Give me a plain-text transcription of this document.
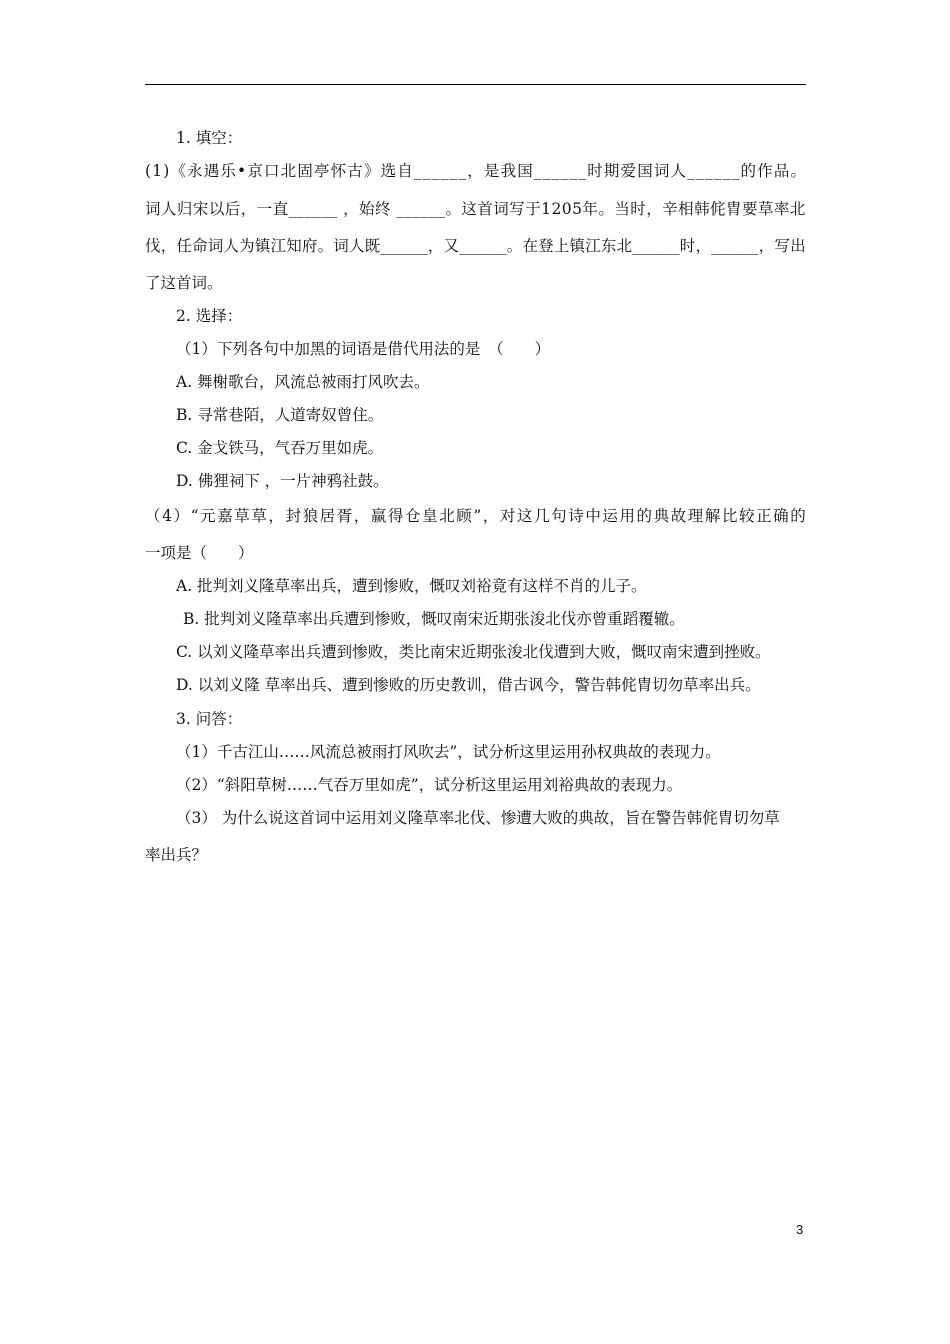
1. 填空：
( 1 ) 《 永 遇 乐 • 京 口 北 固 亭 怀 古 》 选 自 _ _ _ _ _ _ ， 是 我 国 _ _ _ _ _ _ 时 期 爱 国 词 人 _ _ _ _ _ _ 的 作 品 。
词 人 归 宋 以 后 ， 一 直 _ _ _ _ _ _
， 始 终
_ _ _ _ _ _ 。 这 首 词 写 于 1 2 0 5 年 。 当 时 ， 辛 相 韩 侂 胄 要 草 率 北
伐 ， 任 命 词 人 为 镇 江 知 府 。 词 人 既 _ _ _ _ _ _ ， 又 _ _ _ _ _ _ 。 在 登 上 镇 江 东 北 _ _ _ _ _ _ 时 ， _ _ _ _ _ _ ， 写 出
了这首词。
2. 选择：
（1）下列各句中加黑的词语是借代用法的是　（　　）
A. 舞榭歌台，风流总被雨打风吹去。
B. 寻常巷陌，人道寄奴曾住。
C. 金戈铁马，气吞万里如虎。
D. 佛狸祠下 ，一片神鸦社鼓。
（ 4 ） “ 元 嘉 草 草 ， 封 狼 居 胥 ， 赢 得 仓 皇 北 顾 ” ， 对 这 几 句 诗 中 运 用 的 典 故 理 解 比 较 正 确 的
一项是（　　）
A. 批判刘义隆草率出兵，遭到惨败，慨叹刘裕竟有这样不肖的儿子。
B. 批判刘义隆草率出兵遭到惨败，慨叹南宋近期张浚北伐亦曾重蹈覆辙。
C. 以刘义隆草率出兵遭到惨败，类比南宋近期张浚北伐遭到大败，慨叹南宋遭到挫败。
D. 以刘义隆 草率出兵、遭到惨败的历史教训，借古讽今，警告韩侂胄切勿草率出兵。
3. 问答：
（1）千古江山……风流总被雨打风吹去”，试分析这里运用孙权典故的表现力。
（2）“斜阳草树……气吞万里如虎”，试分析这里运用刘裕典故的表现力。
（3） 为什么说这首词中运用刘义隆草率北伐、惨遭大败的典故，旨在警告韩侂胄切勿草
率出兵？
3
